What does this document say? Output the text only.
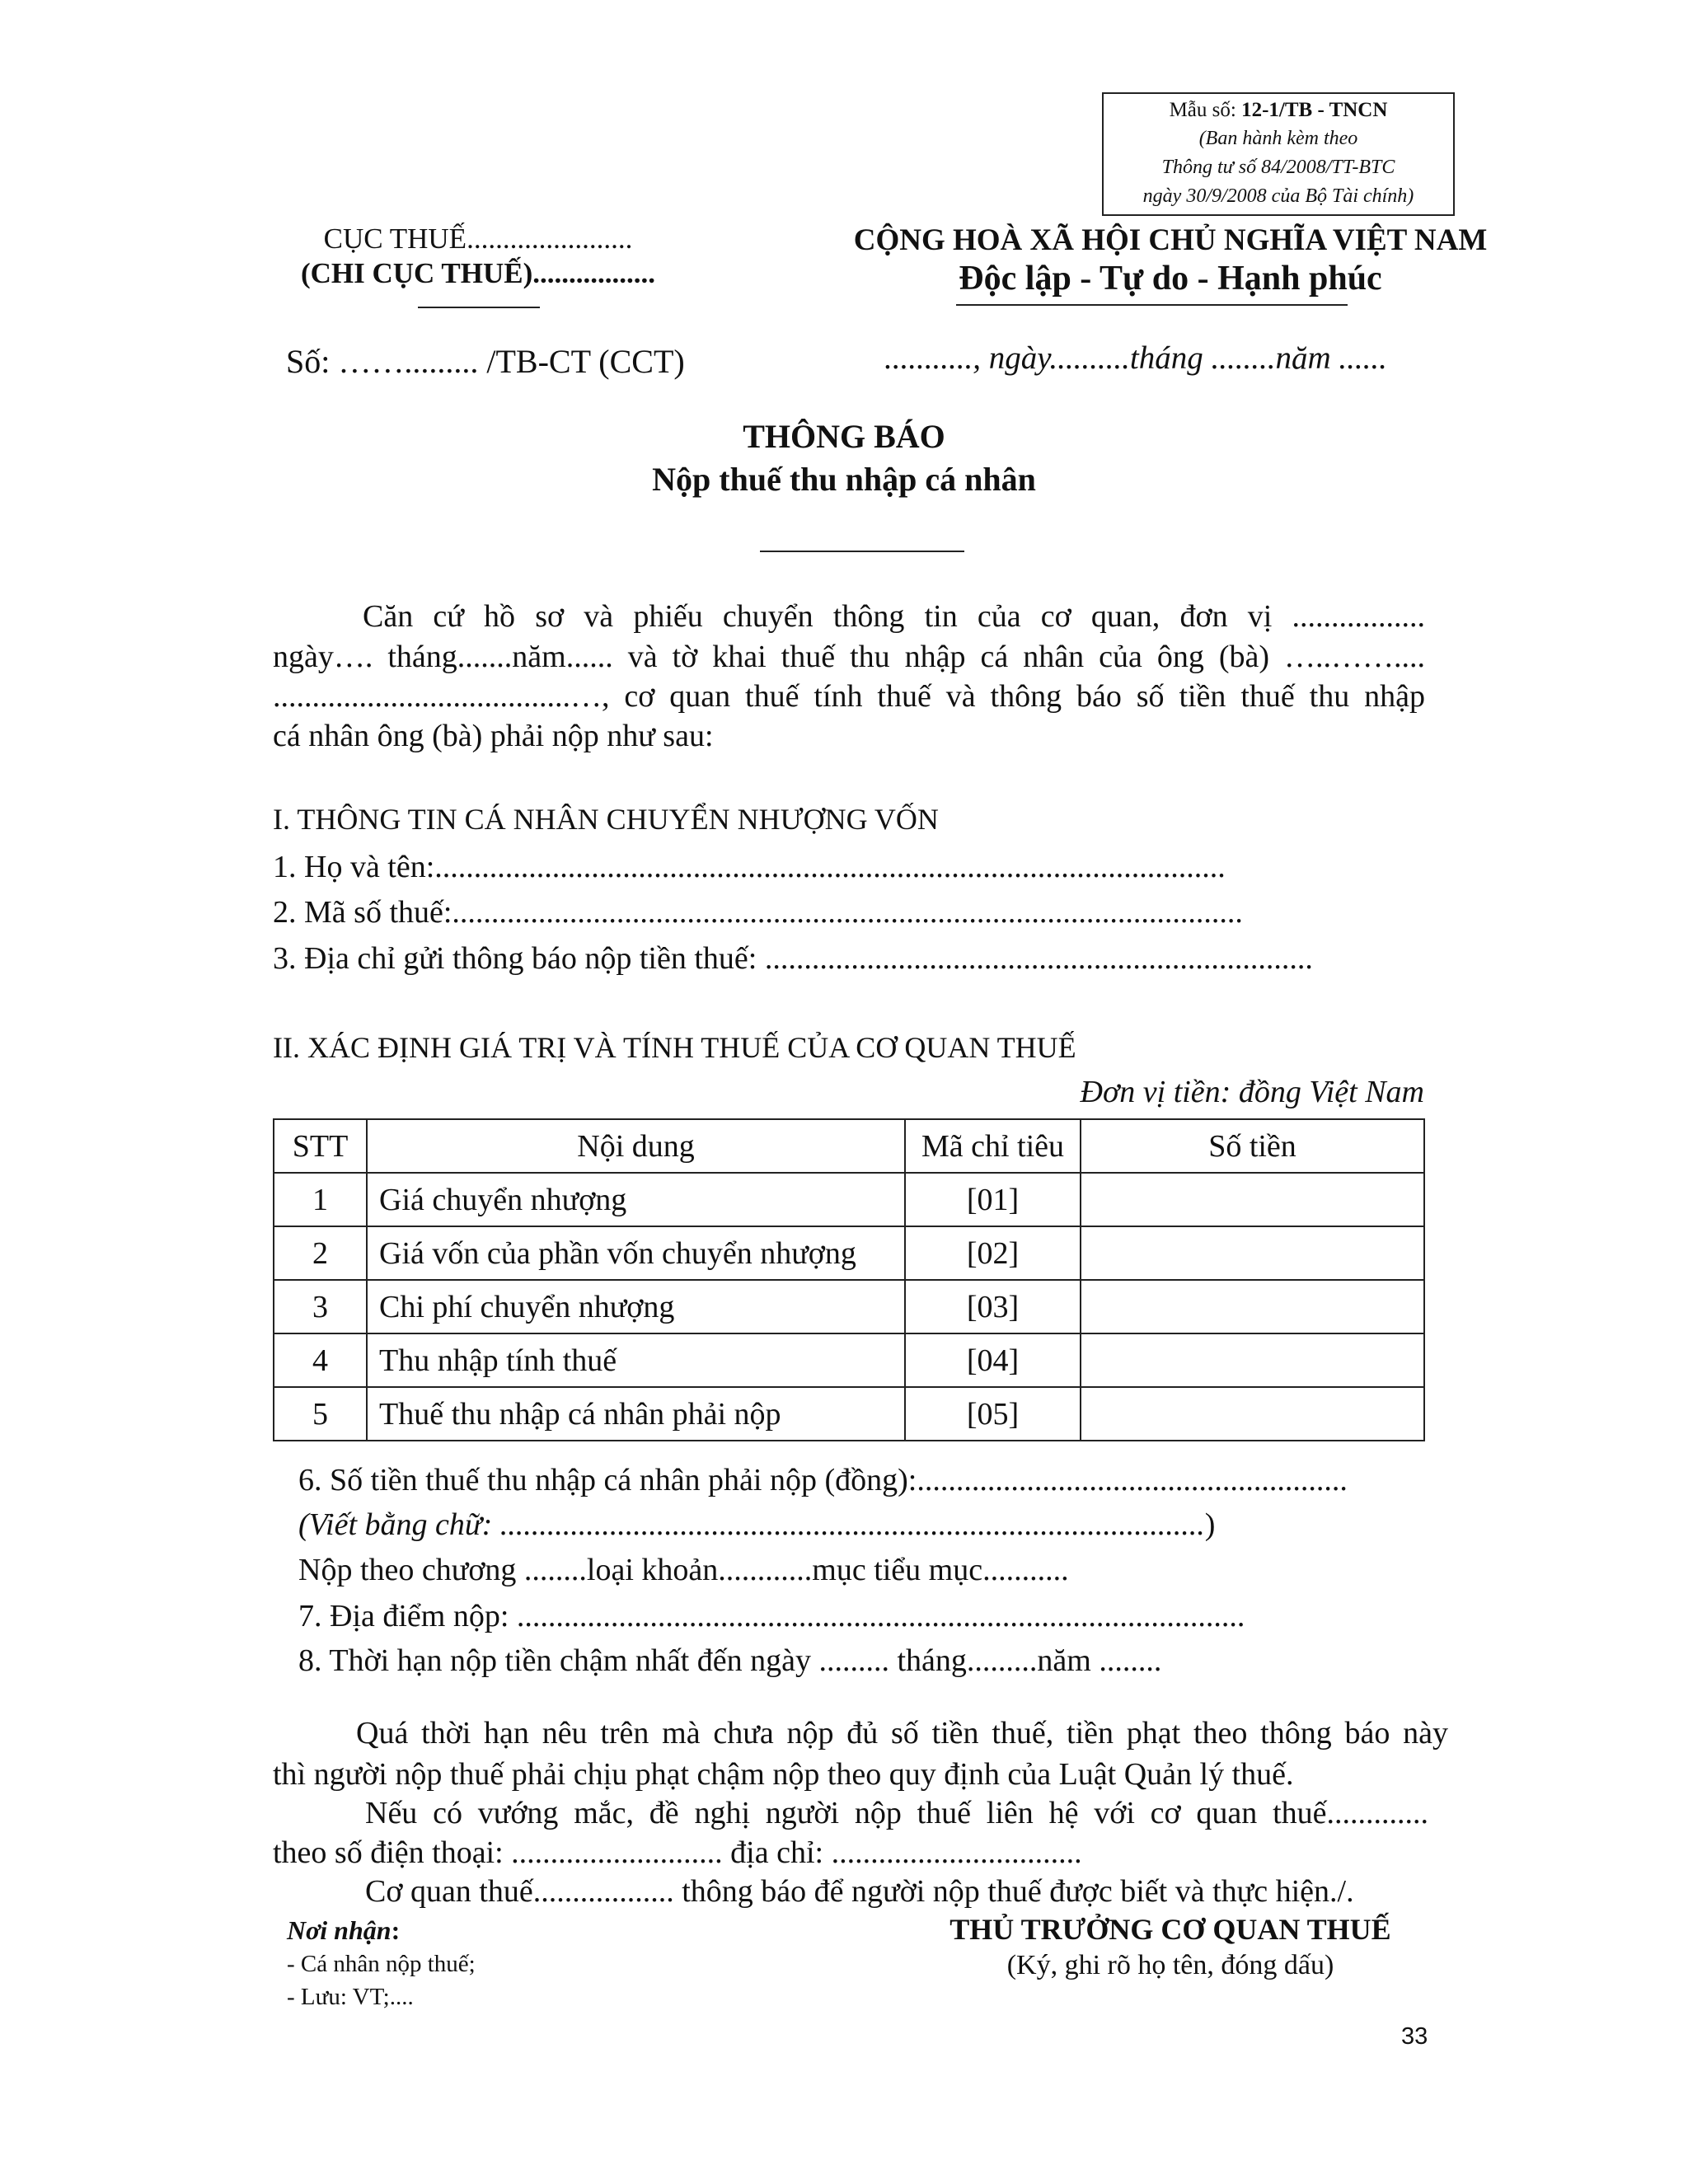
Mẫu số: 12-1/TB - TNCN
(Ban hành kèm theo
Thông tư số 84/2008/TT-BTC
ngày 30/9/2008 của Bộ Tài chính)
CỤC THUẾ.......................
(CHI CỤC THUẾ).................
CỘNG HOÀ XÃ HỘI CHỦ NGHĨA VIỆT NAM
Độc lập - Tự do - Hạnh phúc
Số: ……......... /TB-CT (CCT)	..........., ngày..........tháng ........năm ......
THÔNG BÁO
Nộp thuế thu nhập cá nhân
Căn cứ hồ sơ và phiếu chuyển thông tin của cơ quan, đơn vị .................
ngày…. tháng.......năm...... và tờ khai thuế thu nhập cá nhân của ông (bà) …..……....
......................................…, cơ quan thuế tính thuế và thông báo số tiền thuế thu nhập
cá nhân ông (bà) phải nộp như sau:
I. THÔNG TIN CÁ NHÂN CHUYỂN NHƯỢNG VỐN
1. Họ và tên:.....................................................................................................
2. Mã số thuế:.....................................................................................................
3. Địa chỉ gửi thông báo nộp tiền thuế: ......................................................................
II. XÁC ĐỊNH GIÁ TRỊ VÀ TÍNH THUẾ CỦA CƠ QUAN THUẾ
Đơn vị tiền: đồng Việt Nam
STT	Nội dung	Mã chỉ tiêu	Số tiền
1	Giá chuyển nhượng	[01]	
2	Giá vốn của phần vốn chuyển nhượng	[02]	
3	Chi phí chuyển nhượng	[03]	
4	Thu nhập tính thuế	[04]	
5	Thuế thu nhập cá nhân phải nộp	[05]	
6. Số tiền thuế thu nhập cá nhân phải nộp (đồng):.......................................................
(Viết bằng chữ: ..........................................................................................)
Nộp theo chương ........loại khoản............mục tiểu mục...........
7. Địa điểm nộp: .............................................................................................
8. Thời hạn nộp tiền chậm nhất đến ngày ......... tháng.........năm ........
Quá thời hạn nêu trên mà chưa nộp đủ số tiền thuế, tiền phạt theo thông báo này
thì người nộp thuế phải chịu phạt chậm nộp theo quy định của Luật Quản lý thuế.
Nếu có vướng mắc, đề nghị người nộp thuế liên hệ với cơ quan thuế.............
theo số điện thoại: ........................... địa chỉ: ................................
Cơ quan thuế.................. thông báo để người nộp thuế được biết và thực hiện./.
Nơi nhận:
- Cá nhân nộp thuế;
- Lưu: VT;....
THỦ TRƯỞNG CƠ QUAN THUẾ
(Ký, ghi rõ họ tên, đóng dấu)
33
